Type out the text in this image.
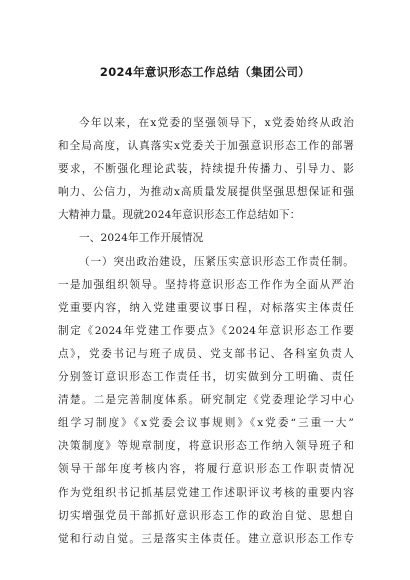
2024年意识形态工作总结（集团公司）
今年以来，在x党委的坚强领导下，x党委始终从政治
和全局高度，认真落实x党委关于加强意识形态工作的部署
要求，不断强化理论武装，持续提升传播力、引导力、影
响力、公信力，为推动x高质量发展提供坚强思想保证和强
大精神力量。现就2024年意识形态工作总结如下：
一、2024年工作开展情况
（一）突出政治建设，压紧压实意识形态工作责任制。
一是加强组织领导。坚持将意识形态工作作为全面从严治
党重要内容，纳入党建重要议事日程，对标落实主体责任
制定《2024年党建工作要点》《2024年意识形态工作要
点》，党委书记与班子成员、党支部书记、各科室负责人
分别签订意识形态工作责任书，切实做到分工明确、责任
清楚。二是完善制度体系。研究制定《党委理论学习中心
组学习制度》《x党委会议事规则》《x党委“三重一大”
决策制度》等规章制度，将意识形态工作纳入领导班子和
领导干部年度考核内容，将履行意识形态工作职责情况
作为党组织书记抓基层党建工作述职评议考核的重要内容
切实增强党员干部抓好意识形态工作的政治自觉、思想自
觉和行动自觉。三是落实主体责任。建立意识形态工作专
